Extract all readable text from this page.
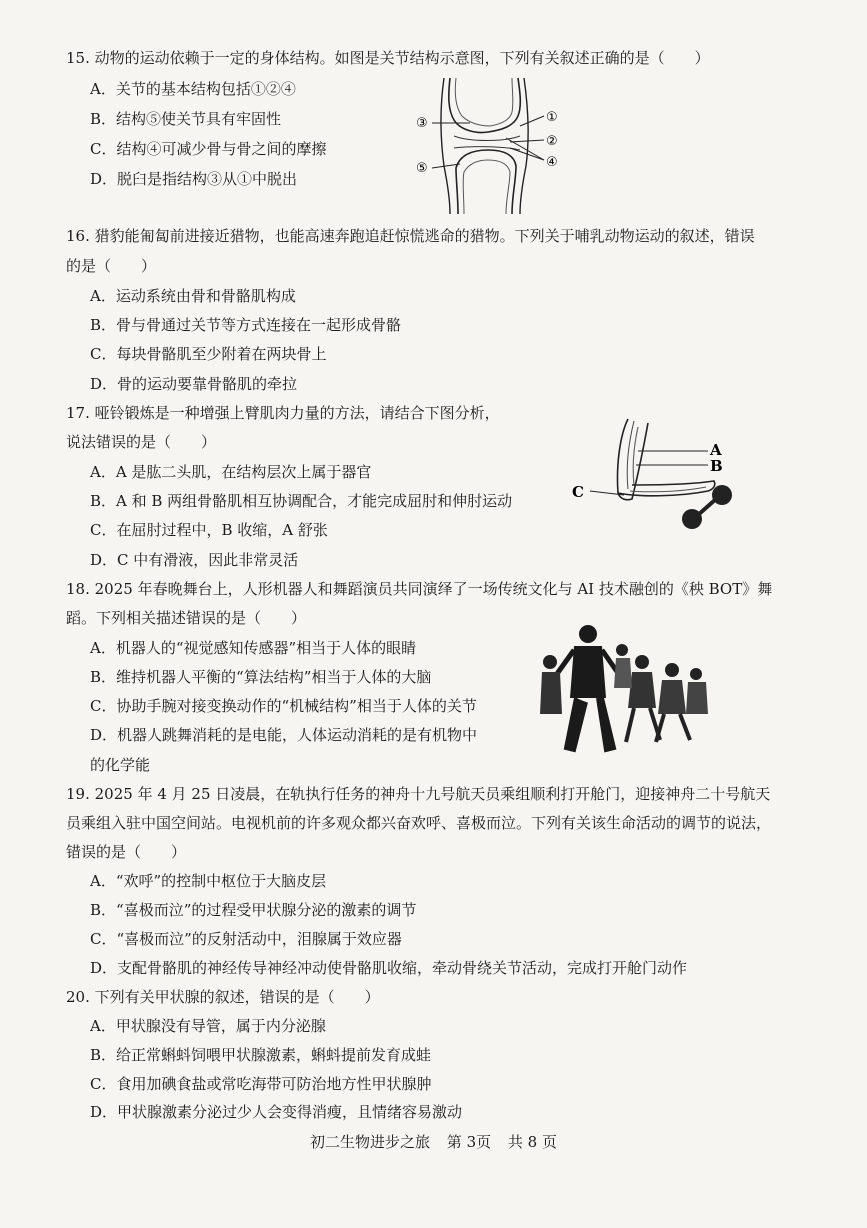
15. 动物的运动依赖于一定的身体结构。如图是关节结构示意图，下列有关叙述正确的是（　　）
A．关节的基本结构包括①②④
B．结构⑤使关节具有牢固性
C．结构④可减少骨与骨之间的摩擦
D．脱臼是指结构③从①中脱出
③
⑤
①
②
④
16. 猎豹能匍匐前进接近猎物，也能高速奔跑追赶惊慌逃命的猎物。下列关于哺乳动物运动的叙述，错误
的是（　　）
A．运动系统由骨和骨骼肌构成
B．骨与骨通过关节等方式连接在一起形成骨骼
C．每块骨骼肌至少附着在两块骨上
D．骨的运动要靠骨骼肌的牵拉
17. 哑铃锻炼是一种增强上臂肌肉力量的方法，请结合下图分析，
说法错误的是（　　）
A．A 是肱二头肌，在结构层次上属于器官
B．A 和 B 两组骨骼肌相互协调配合，才能完成屈肘和伸肘运动
C．在屈肘过程中，B 收缩，A 舒张
D．C 中有滑液，因此非常灵活
A
B
C
18. 2025 年春晚舞台上，人形机器人和舞蹈演员共同演绎了一场传统文化与 AI 技术融创的《秧 BOT》舞
蹈。下列相关描述错误的是（　　）
A．机器人的“视觉感知传感器”相当于人体的眼睛
B．维持机器人平衡的“算法结构”相当于人体的大脑
C．协助手腕对接变换动作的“机械结构”相当于人体的关节
D．机器人跳舞消耗的是电能，人体运动消耗的是有机物中
的化学能
19. 2025 年 4 月 25 日凌晨，在轨执行任务的神舟十九号航天员乘组顺利打开舱门，迎接神舟二十号航天
员乘组入驻中国空间站。电视机前的许多观众都兴奋欢呼、喜极而泣。下列有关该生命活动的调节的说法，
错误的是（　　）
A．“欢呼”的控制中枢位于大脑皮层
B．“喜极而泣”的过程受甲状腺分泌的激素的调节
C．“喜极而泣”的反射活动中，泪腺属于效应器
D．支配骨骼肌的神经传导神经冲动使骨骼肌收缩，牵动骨绕关节活动，完成打开舱门动作
20. 下列有关甲状腺的叙述，错误的是（　　）
A．甲状腺没有导管，属于内分泌腺
B．给正常蝌蚪饲喂甲状腺激素，蝌蚪提前发育成蛙
C．食用加碘食盐或常吃海带可防治地方性甲状腺肿
D．甲状腺激素分泌过少人会变得消瘦，且情绪容易激动
初二生物进步之旅 第 3页 共 8 页
